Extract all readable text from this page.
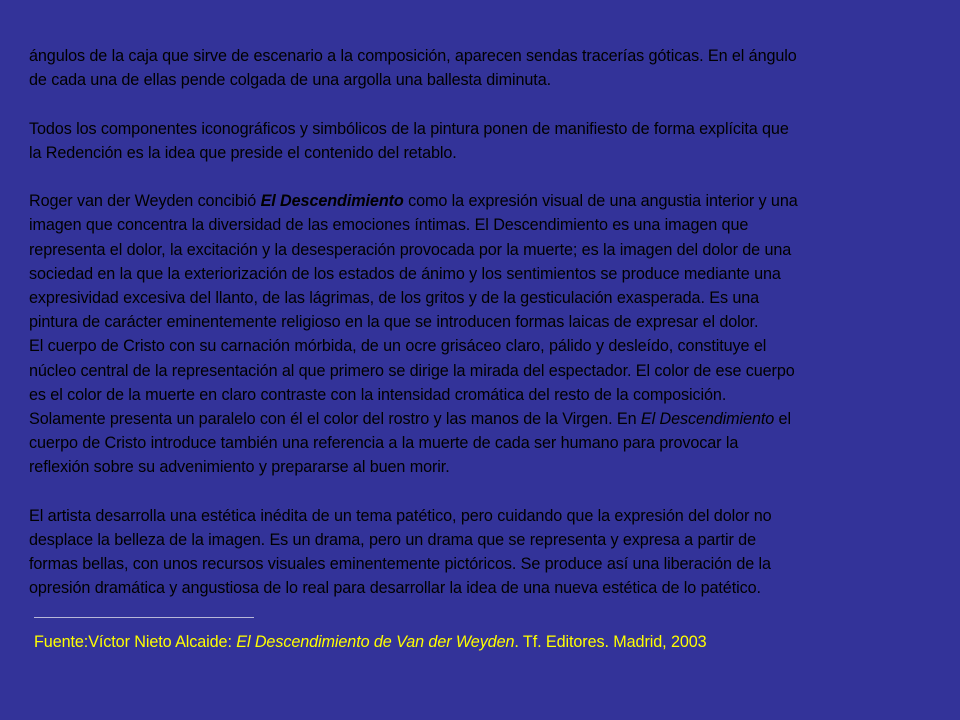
ángulos de la caja que sirve de escenario a la composición, aparecen sendas tracerías góticas. En el ángulo
de cada una de ellas pende colgada de una argolla una ballesta diminuta.

Todos los componentes iconográficos y simbólicos de la pintura ponen de manifiesto de forma explícita que
la Redención es la idea que preside el contenido del retablo.

Roger van der Weyden concibió El Descendimiento como la expresión visual de una angustia interior y una
imagen que concentra la diversidad de las emociones íntimas. El Descendimiento es una imagen que
representa el dolor, la excitación y la desesperación provocada por la muerte; es la imagen del dolor de una
sociedad en la que la exteriorización de los estados de ánimo y los sentimientos se produce mediante una
expresividad excesiva del llanto, de las lágrimas, de los gritos y de la gesticulación exasperada. Es una
pintura de carácter eminentemente religioso en la que se introducen formas laicas de expresar el dolor.
El cuerpo de Cristo con su carnación mórbida, de un ocre grisáceo claro, pálido y desleído, constituye el
núcleo central de la representación al que primero se dirige la mirada del espectador. El color de ese cuerpo
es el color de la muerte en claro contraste con la intensidad cromática del resto de la composición.
Solamente presenta un paralelo con él el color del rostro y las manos de la Virgen. En El Descendimiento el
cuerpo de Cristo introduce también una referencia a la muerte de cada ser humano para provocar la
reflexión sobre su advenimiento y prepararse al buen morir.

El artista desarrolla una estética inédita de un tema patético, pero cuidando que la expresión del dolor no
desplace la belleza de la imagen. Es un drama, pero un drama que se representa y expresa a partir de
formas bellas, con unos recursos visuales eminentemente pictóricos. Se produce así una liberación de la
opresión dramática y angustiosa de lo real para desarrollar la idea de una nueva estética de lo patético.

Fuente:Víctor Nieto Alcaide: El Descendimiento de Van der Weyden. Tf. Editores. Madrid, 2003
